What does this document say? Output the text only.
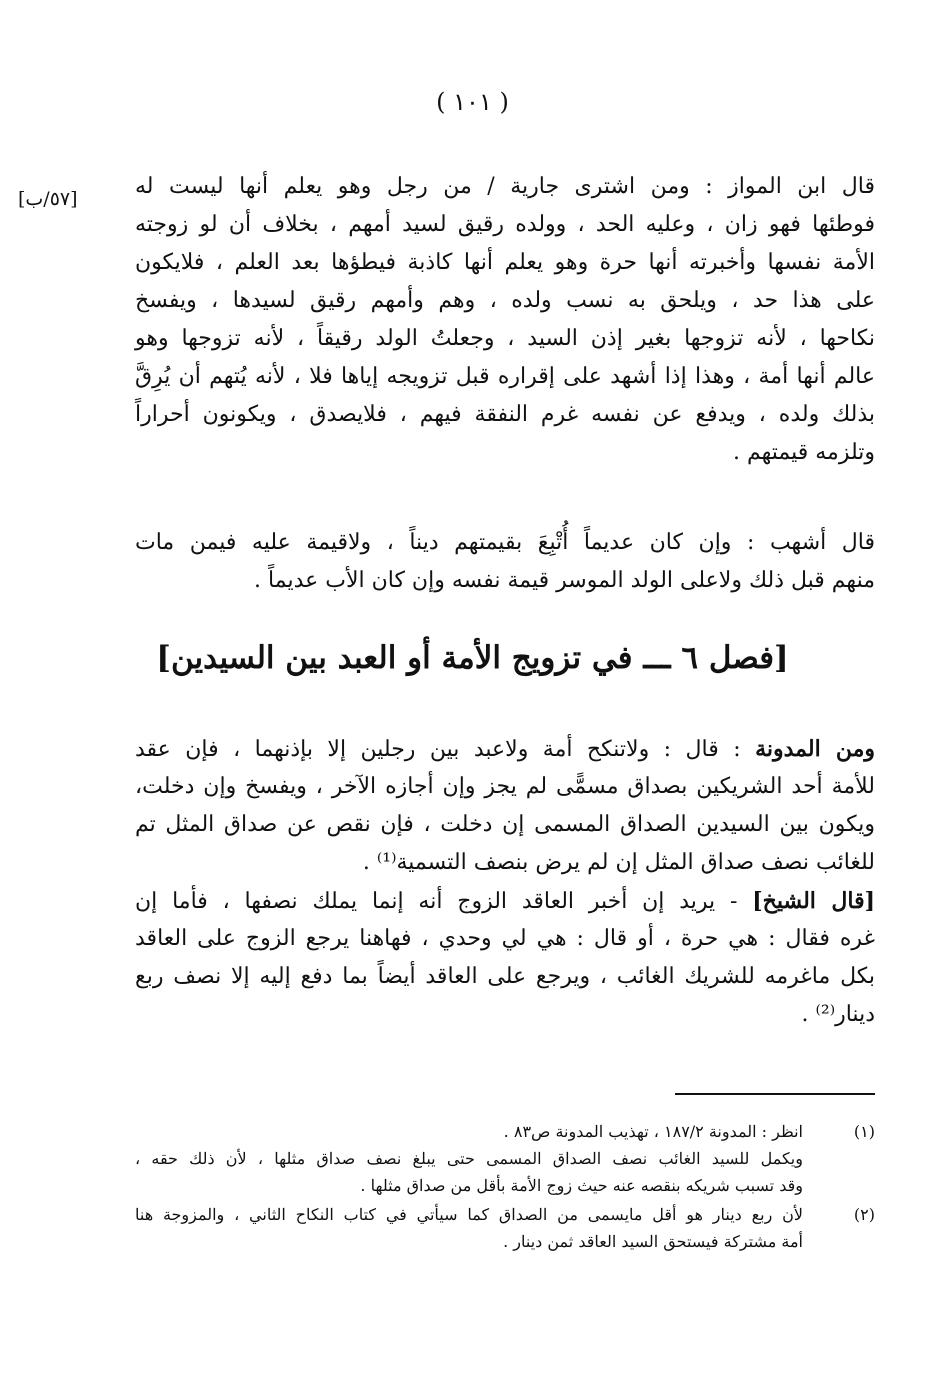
( ١٠١ )
[٥٧/ب]	قال ابن المواز : ومن اشترى جارية / من رجل وهو يعلم أنها ليست له
فوطئها فهو زان ، وعليه الحد ، وولده رقيق لسيد أمهم ، بخلاف أن لو زوجته
الأمة نفسها وأخبرته أنها حرة وهو يعلم أنها كاذبة فيطؤها بعد العلم ، فلايكون
على هذا حد ، ويلحق به نسب ولده ، وهم وأمهم رقيق لسيدها ، ويفسخ
نكاحها ، لأنه تزوجها بغير إذن السيد ، وجعلتُ الولد رقيقاً ، لأنه تزوجها وهو
عالم أنها أمة ، وهذا إذا أشهد على إقراره قبل تزويجه إياها فلا ، لأنه يُتهم أن يُرِقَّ
بذلك ولده ، ويدفع عن نفسه غرم النفقة فيهم ، فلايصدق ، ويكونون أحراراً
وتلزمه قيمتهم .
قال أشهب : وإن كان عديماً أُتْبِعَ بقيمتهم ديناً ، ولاقيمة عليه فيمن مات
منهم قبل ذلك ولاعلى الولد الموسر قيمة نفسه وإن كان الأب عديماً .
[فصل ٦ ـــ في تزويج الأمة أو العبد بين السيدين]
ومن المدونة : قال : ولاتنكح أمة ولاعبد بين رجلين إلا بإذنهما ، فإن عقد
للأمة أحد الشريكين بصداق مسمًّى لم يجز وإن أجازه الآخر ، ويفسخ وإن دخلت،
ويكون بين السيدين الصداق المسمى إن دخلت ، فإن نقص عن صداق المثل تم
للغائب نصف صداق المثل إن لم يرض بنصف التسمية⁽¹⁾ .
[قال الشيخ] - يريد إن أخبر العاقد الزوج أنه إنما يملك نصفها ، فأما إن
غره فقال : هي حرة ، أو قال : هي لي وحدي ، فهاهنا يرجع الزوج على العاقد
بكل ماغرمه للشريك الغائب ، ويرجع على العاقد أيضاً بما دفع إليه إلا نصف ربع
دينار⁽²⁾ .
(١)
انظر : المدونة ١٨٧/٢ ، تهذيب المدونة ص٨٣ .
ويكمل للسيد الغائب نصف الصداق المسمى حتى يبلغ نصف صداق مثلها ، لأن ذلك حقه ،
وقد تسبب شريكه بنقصه عنه حيث زوج الأمة بأقل من صداق مثلها .
(٢)
لأن ربع دينار هو أقل مايسمى من الصداق كما سيأتي في كتاب النكاح الثاني ، والمزوجة هنا
أمة مشتركة فيستحق السيد العاقد ثمن دينار .
